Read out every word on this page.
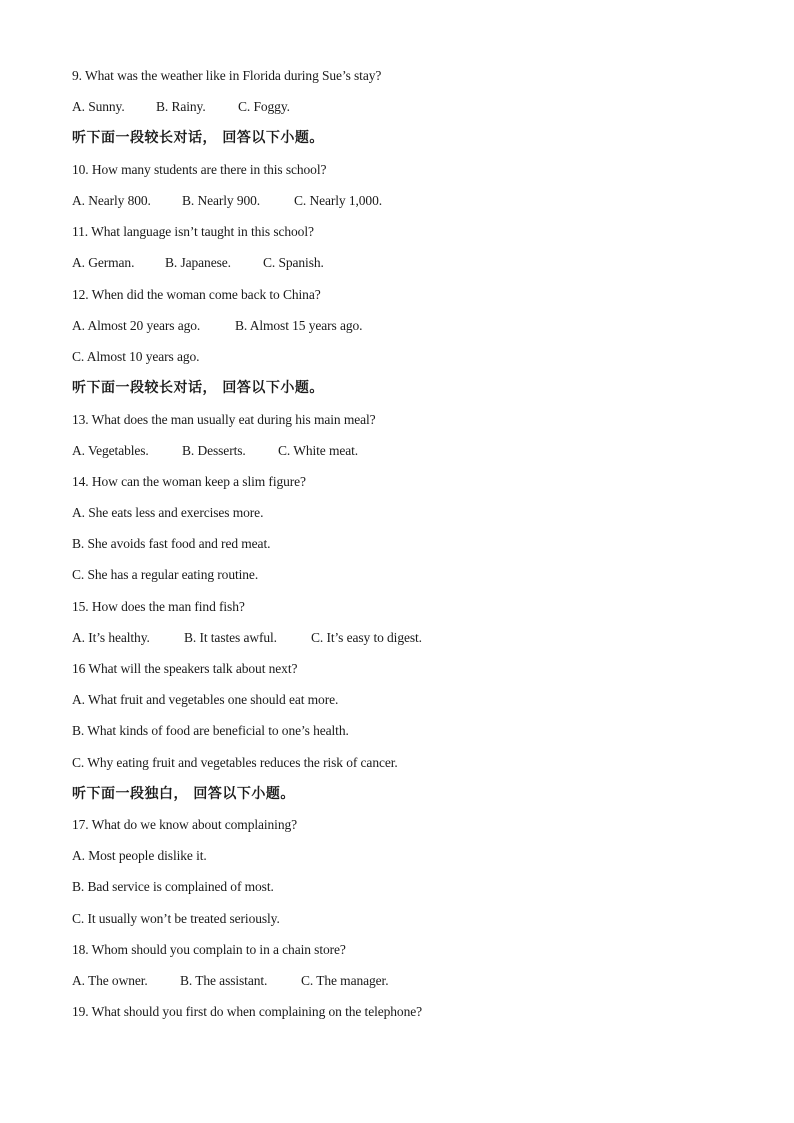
9. What was the weather like in Florida during Sue’s stay?
A. Sunny.	B. Rainy.	C. Foggy.
听下面一段较长对话， 回答以下小题。
10. How many students are there in this school?
A. Nearly 800.	B. Nearly 900.	C. Nearly 1,000.
11. What language isn’t taught in this school?
A. German.	B. Japanese.	C. Spanish.
12. When did the woman come back to China?
A. Almost 20 years ago.	B. Almost 15 years ago.
C. Almost 10 years ago.
听下面一段较长对话， 回答以下小题。
13. What does the man usually eat during his main meal?
A. Vegetables.	B. Desserts.	C. White meat.
14. How can the woman keep a slim figure?
A. She eats less and exercises more.
B. She avoids fast food and red meat.
C. She has a regular eating routine.
15. How does the man find fish?
A. It’s healthy.	B. It tastes awful.	C. It’s easy to digest.
16 What will the speakers talk about next?
A. What fruit and vegetables one should eat more.
B. What kinds of food are beneficial to one’s health.
C. Why eating fruit and vegetables reduces the risk of cancer.
听下面一段独白， 回答以下小题。
17. What do we know about complaining?
A. Most people dislike it.
B. Bad service is complained of most.
C. It usually won’t be treated seriously.
18. Whom should you complain to in a chain store?
A. The owner.	B. The assistant.	C. The manager.
19. What should you first do when complaining on the telephone?
